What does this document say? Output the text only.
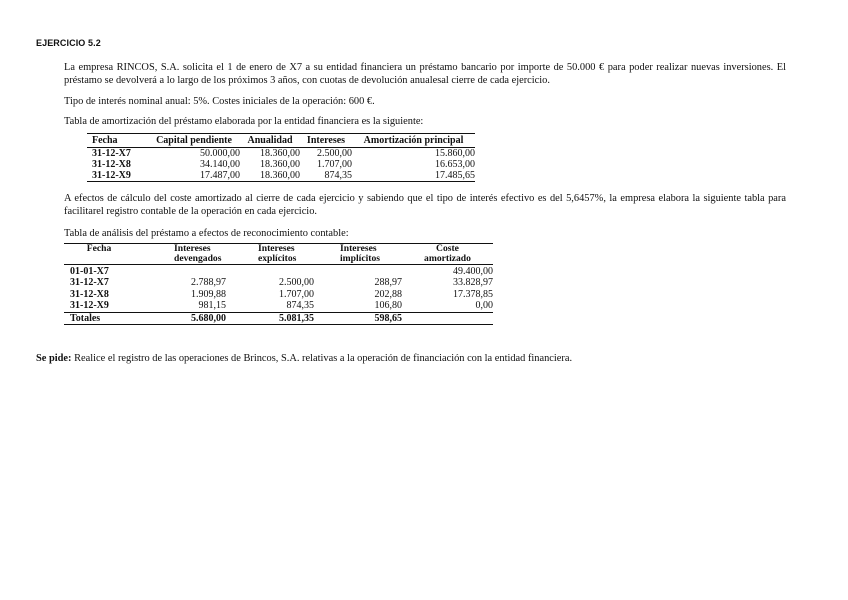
EJERCICIO 5.2
La empresa RINCOS, S.A. solicita el 1 de enero de X7 a su entidad financiera un préstamo bancario por importe de 50.000 € para poder realizar nuevas inversiones. El préstamo se devolverá a lo largo de los próximos 3 años, con cuotas de devolución anualesal cierre de cada ejercicio.
Tipo de interés nominal anual: 5%. Costes iniciales de la operación: 600 €.
Tabla de amortización del préstamo elaborada por la entidad financiera es la siguiente:
Fecha	Capital pendiente	Anualidad	Intereses	Amortización principal
31-12-X7	50.000,00	18.360,00	2.500,00	15.860,00
31-12-X8	34.140,00	18.360,00	1.707,00	16.653,00
31-12-X9	17.487,00	18.360,00	874,35	17.485,65
A efectos de cálculo del coste amortizado al cierre de cada ejercicio y sabiendo que el tipo de interés efectivo es del 5,6457%, la empresa elabora la siguiente tabla para facilitarel registro contable de la operación en cada ejercicio.
Tabla de análisis del préstamo a efectos de reconocimiento contable:
Fecha	Intereses	Intereses	Intereses	Coste
	devengados	explícitos	implícitos	amortizado
01-01-X7				49.400,00
31-12-X7	2.788,97	2.500,00	288,97	33.828,97
31-12-X8	1.909,88	1.707,00	202,88	17.378,85
31-12-X9	981,15	874,35	106,80	0,00
Totales	5.680,00	5.081,35	598,65	
Se pide: Realice el registro de las operaciones de Brincos, S.A. relativas a la operación de financiación con la entidad financiera.
